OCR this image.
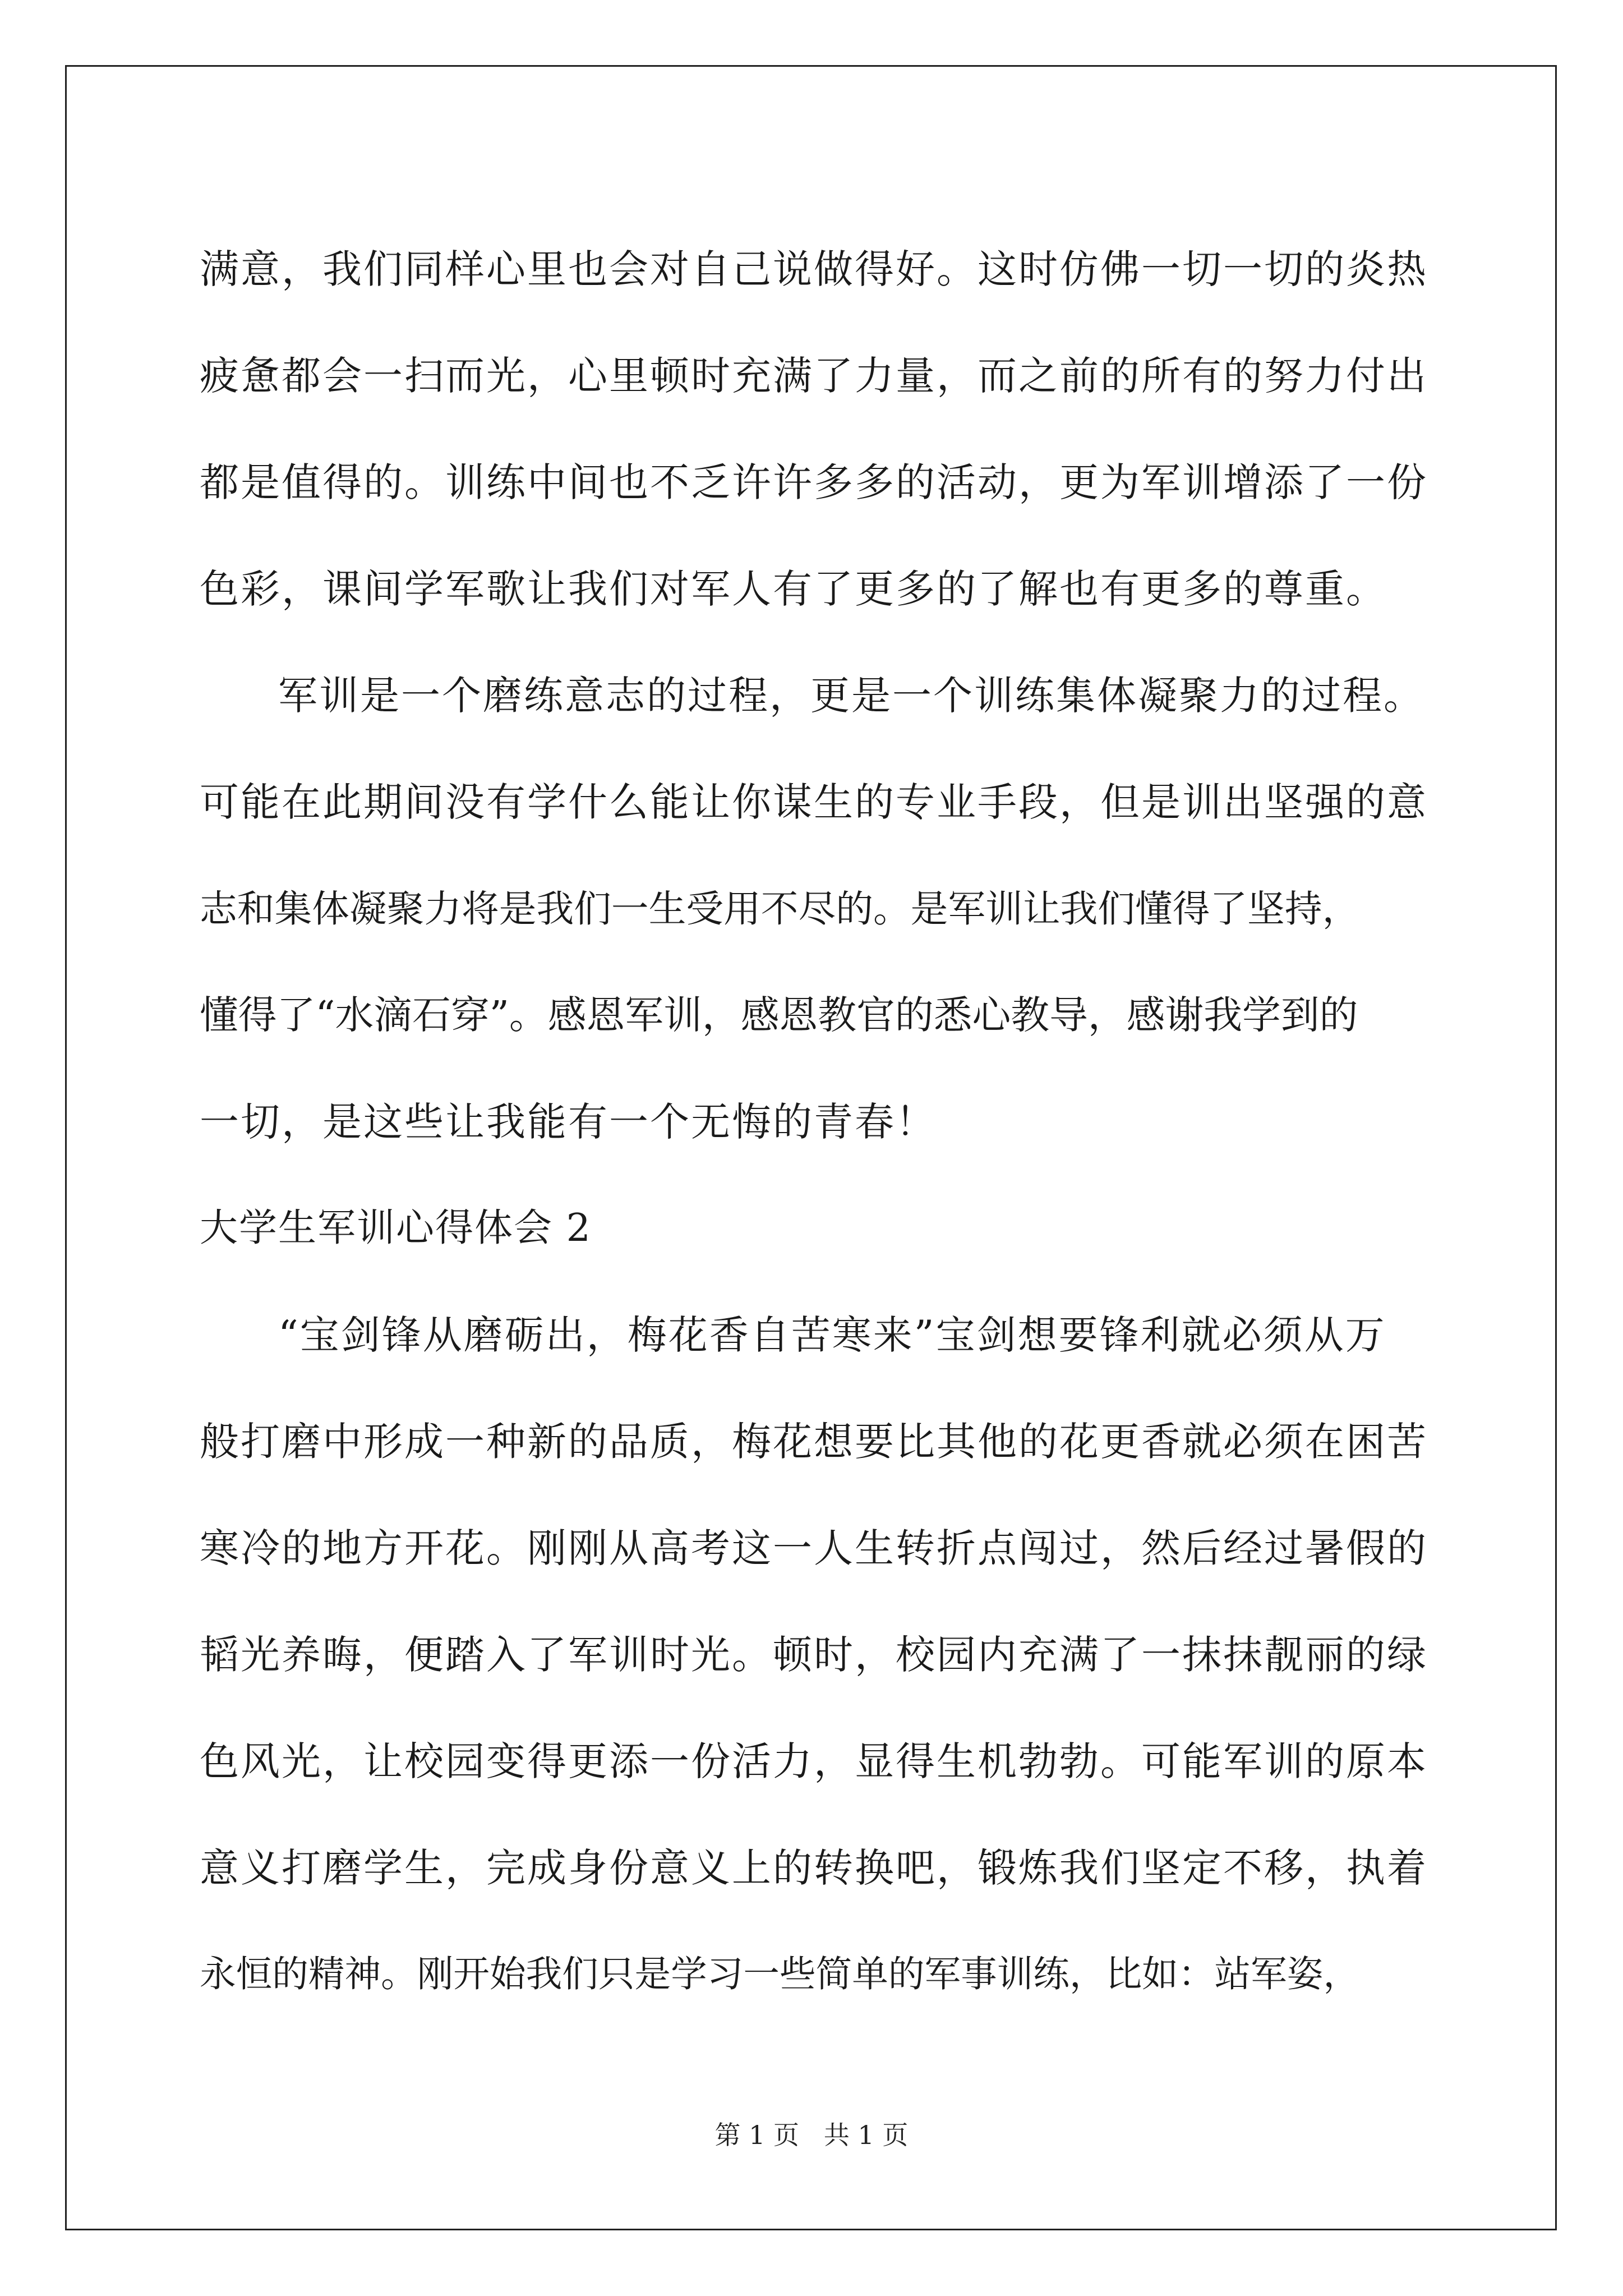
满意，我们同样心里也会对自己说做得好。这时仿佛一切一切的炎热
疲惫都会一扫而光，心里顿时充满了力量，而之前的所有的努力付出
都是值得的。训练中间也不乏许许多多的活动，更为军训增添了一份
色彩，课间学军歌让我们对军人有了更多的了解也有更多的尊重。
军训是一个磨练意志的过程，更是一个训练集体凝聚力的过程。
可能在此期间没有学什么能让你谋生的专业手段，但是训出坚强的意
志和集体凝聚力将是我们一生受用不尽的。是军训让我们懂得了坚持，
懂得了“水滴石穿”。感恩军训，感恩教官的悉心教导，感谢我学到的
一切，是这些让我能有一个无悔的青春！
大学生军训心得体会 2
“宝剑锋从磨砺出，梅花香自苦寒来”宝剑想要锋利就必须从万
般打磨中形成一种新的品质，梅花想要比其他的花更香就必须在困苦
寒冷的地方开花。刚刚从高考这一人生转折点闯过，然后经过暑假的
韬光养晦，便踏入了军训时光。顿时，校园内充满了一抹抹靓丽的绿
色风光，让校园变得更添一份活力，显得生机勃勃。可能军训的原本
意义打磨学生，完成身份意义上的转换吧，锻炼我们坚定不移，执着
永恒的精神。刚开始我们只是学习一些简单的军事训练，比如：站军姿，
第 1 页   共 1 页
